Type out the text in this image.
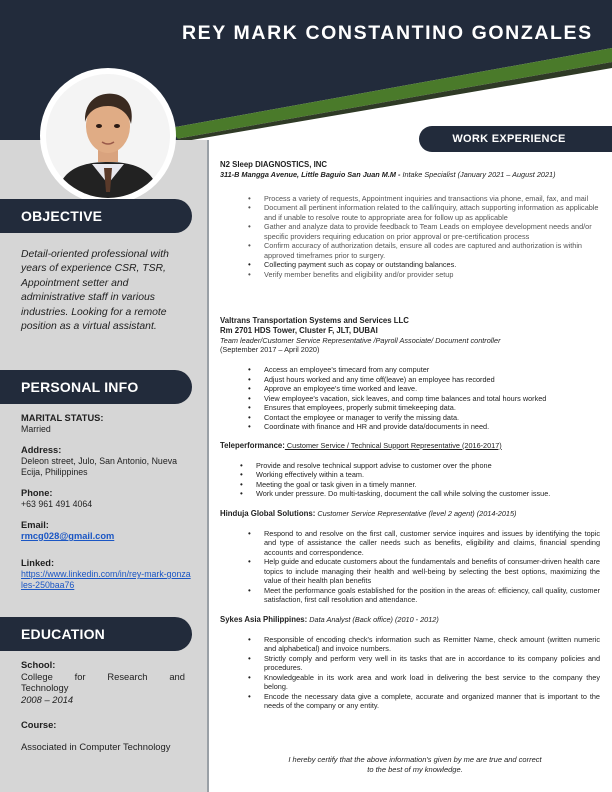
REY MARK CONSTANTINO GONZALES
OBJECTIVE
Detail-oriented professional with years of experience CSR, TSR, Appointment setter and administrative staff in various industries. Looking for a remote position as a virtual assistant.
PERSONAL INFO
MARITAL STATUS:
Married
Address:
Deleon street, Julo, San Antonio, Nueva Ecija, Philippines
Phone:
+63 961 491 4064
Email:
rmcg028@gmail.com
Linked:
https://www.linkedin.com/in/rey-mark-gonzales-250baa76
EDUCATION
School:
College for Research and
Technology
2008 – 2014
Course:
Associated in Computer Technology
WORK EXPERIENCE
N2 Sleep DIAGNOSTICS, INC
311-B Mangga Avenue, Little Baguio San Juan M.M - Intake Specialist (January 2021 – August 2021)
• Process a variety of requests, Appointment inquiries and transactions via phone, email, fax, and mail
• Document all pertinent information related to the call/inquiry, attach supporting information as applicable and if unable to resolve route to appropriate area for follow up as applicable
• Gather and analyze data to provide feedback to Team Leads on employee development needs and/or specific providers requiring education on prior approval or pre-certification process
• Confirm accuracy of authorization details, ensure all codes are captured and authorization is within approved timeframes prior to surgery.
• Collecting payment such as copay or outstanding balances.
• Verify member benefits and eligibility and/or provider setup
Valtrans Transportation Systems and Services LLC
Rm 2701 HDS Tower, Cluster F, JLT, DUBAI
Team leader/Customer Service Representative /Payroll Associate/ Document controller
(September 2017 – April 2020)
• Access an employee's timecard from any computer
• Adjust hours worked and any time off(leave) an employee has recorded
• Approve an employee's time worked and leave.
• View employee's vacation, sick leaves, and comp time balances and total hours worked
• Ensures that employees, properly submit timekeeping data.
• Contact the employee or manager to verify the missing data.
• Coordinate with finance and HR and provide data/documents in need.
Teleperformance: Customer Service / Technical Support Representative (2016-2017)
• Provide and resolve technical support advise to customer over the phone
• Working effectively within a team.
• Meeting the goal or task given in a timely manner.
• Work under pressure. Do multi-tasking, document the call while solving the customer issue.
Hinduja Global Solutions: Customer Service Representative (level 2 agent) (2014-2015)
• Respond to and resolve on the first call, customer service inquires and issues by identifying the topic and type of assistance the caller needs such as benefits, eligibility and claims, financial spending accounts and correspondence.
• Help guide and educate customers about the fundamentals and benefits of consumer-driven health care topics to include managing their health and well-being by selecting the best options, maximizing the value of their health plan benefits
• Meet the performance goals established for the position in the areas of: efficiency, call quality, customer satisfaction, first call resolution and attendance.
Sykes Asia Philippines: Data Analyst (Back office) (2010 - 2012)
• Responsible of encoding check's information such as Remitter Name, check amount (written numeric and alphabetical) and invoice numbers.
• Strictly comply and perform very well in its tasks that are in accordance to its company policies and procedures.
• Knowledgeable in its work area and work load in delivering the best service to the company they belong.
• Encode the necessary data give a complete, accurate and organized manner that is important to the needs of the company or any entity.
I hereby certify that the above information's given by me are true and correct
to the best of my knowledge.
